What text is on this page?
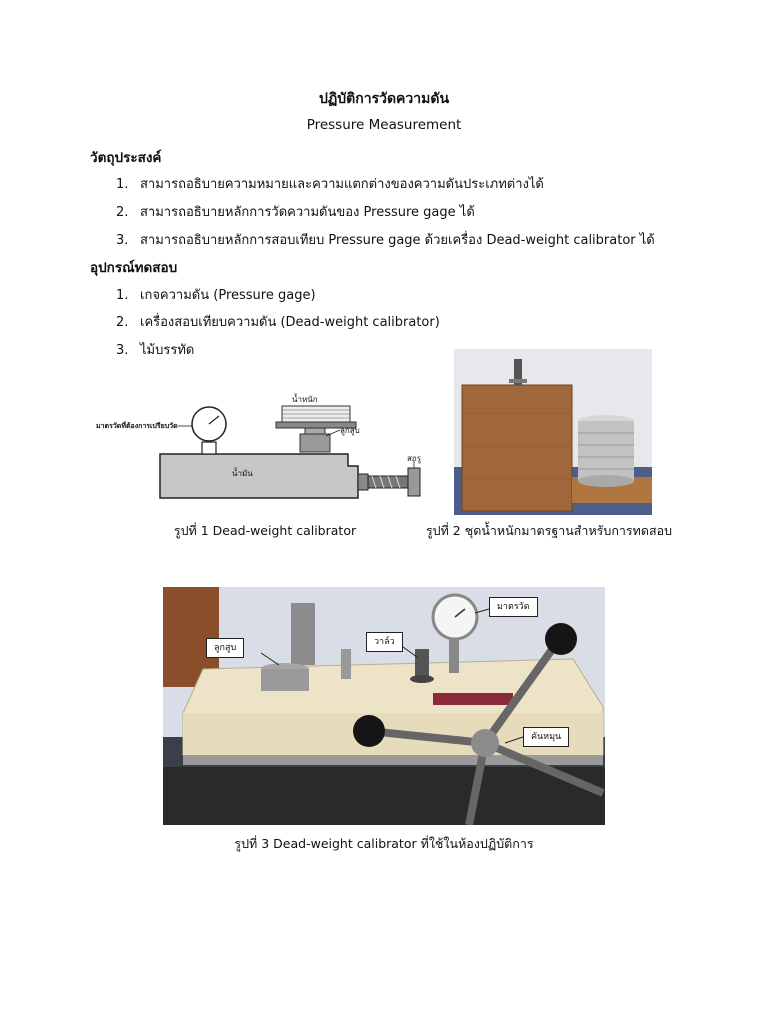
ปฏิบัติการวัดความดัน
Pressure Measurement
วัตถุประสงค์
1. สามารถอธิบายความหมายและความแตกต่างของความดันประเภทต่างได้
2. สามารถอธิบายหลักการวัดความดันของ Pressure gage ได้
3. สามารถอธิบายหลักการสอบเทียบ Pressure gage ด้วยเครื่อง Dead-weight calibrator ได้
อุปกรณ์ทดสอบ
1. เกจความดัน (Pressure gage)
2. เครื่องสอบเทียบความดัน (Dead-weight calibrator)
3. ไม้บรรทัด
น้ำหนัก
มาตรวัดที่ต้องการเปรียบวัด	ลูกสูบ
น้ำมัน
สกรู
รูปที่ 1 Dead-weight calibrator	รูปที่ 2 ชุดน้ำหนักมาตรฐานสำหรับการทดสอบ
ลูกสูบ
วาล์ว
มาตรวัด
คันหมุน
รูปที่ 3 Dead-weight calibrator ที่ใช้ในห้องปฏิบัติการ
